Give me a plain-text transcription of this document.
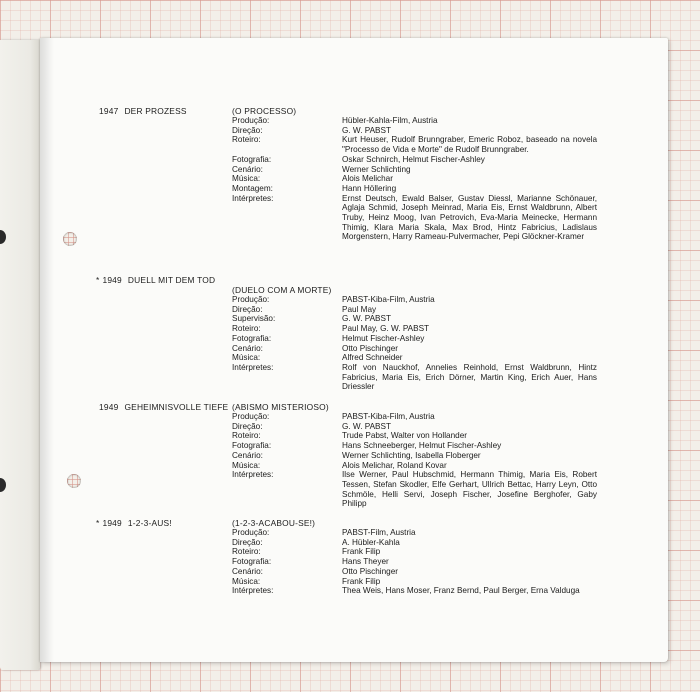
1947 DER PROZESS	(O PROCESSO)
Produção:	Hübler-Kahla-Film, Austria
Direção:	G. W. PABST
Roteiro:	Kurt Heuser, Rudolf Brunngraber, Emeric Roboz, baseado na novela "Processo de Vida e Morte" de Rudolf Brunngraber.
Fotografia:	Oskar Schnirch, Helmut Fischer-Ashley
Cenário:	Werner Schlichting
Música:	Alois Melichar
Montagem:	Hann Höllering
Intérpretes:	Ernst Deutsch, Ewald Balser, Gustav Diessl, Marianne Schönauer, Aglaja Schmid, Joseph Meinrad, Maria Eis, Ernst Waldbrunn, Albert Truby, Heinz Moog, Ivan Petrovich, Eva-Maria Meinecke, Hermann Thimig, Klara Maria Skala, Max Brod, Hintz Fabricius, Ladislaus Morgenstern, Harry Rameau-Pulvermacher, Pepi Glöckner-Kramer
* 1949 DUELL MIT DEM TOD
(DUELO COM A MORTE)
Produção:	PABST-Kiba-Film, Austria
Direção:	Paul May
Supervisão:	G. W. PABST
Roteiro:	Paul May, G. W. PABST
Fotografia:	Helmut Fischer-Ashley
Cenário:	Otto Pischinger
Música:	Alfred Schneider
Intérpretes:	Rolf von Nauckhof, Annelies Reinhold, Ernst Waldbrunn, Hintz Fabricius, Maria Eis, Erich Dörner, Martin King, Erich Auer, Hans Driessler
1949 GEHEIMNISVOLLE TIEFE (ABISMO MISTERIOSO)
Produção:	PABST-Kiba-Film, Austria
Direção:	G. W. PABST
Roteiro:	Trude Pabst, Walter von Hollander
Fotografia:	Hans Schneeberger, Helmut Fischer-Ashley
Cenário:	Werner Schlichting, Isabella Floberger
Música:	Alois Melichar, Roland Kovar
Intérpretes:	Ilse Werner, Paul Hubschmid, Hermann Thimig, Maria Eis, Robert Tessen, Stefan Skodler, Elfe Gerhart, Ullrich Bettac, Harry Leyn, Otto Schmöle, Helli Servi, Joseph Fischer, Josefine Berghofer, Gaby Philipp
* 1949 1-2-3-AUS!	(1-2-3-ACABOU-SE!)
Produção:	PABST-Film, Austria
Direção:	A. Hübler-Kahla
Roteiro:	Frank Filip
Fotografia:	Hans Theyer
Cenário:	Otto Pischinger
Música:	Frank Filip
Intérpretes:	Thea Weis, Hans Moser, Franz Bernd, Paul Berger, Erna Valduga
